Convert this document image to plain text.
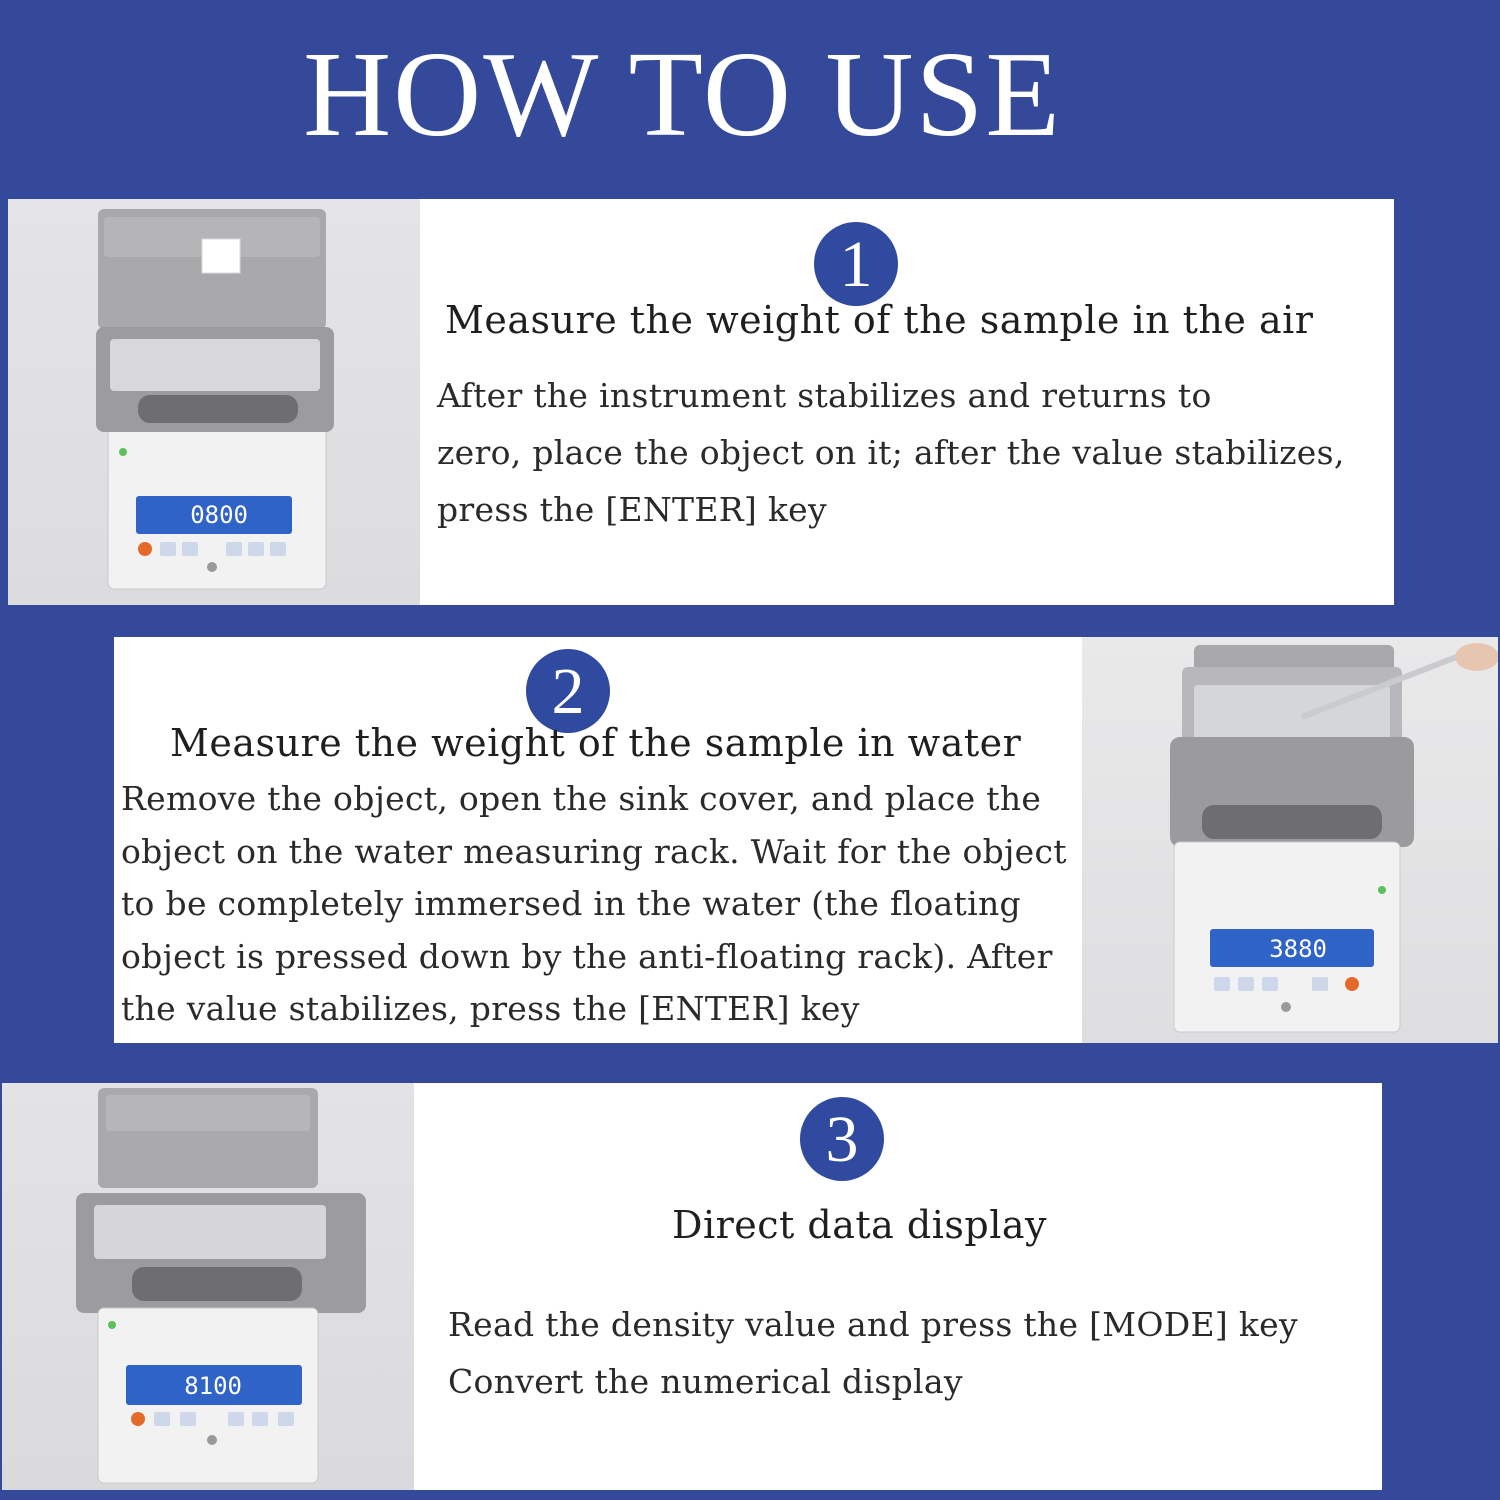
HOW TO USE
0800
1
Measure the weight of the sample in the air
After the instrument stabilizes and returns to
zero, place the object on it; after the value stabilizes,
press the [ENTER] key
2
Measure the weight of the sample in water
Remove the object, open the sink cover, and place the
object on the water measuring rack. Wait for the object
to be completely immersed in the water (the floating
object is pressed down by the anti-floating rack). After
the value stabilizes, press the [ENTER] key
3880
8100
3
Direct data display
Read the density value and press the [MODE] key
Convert the numerical display
